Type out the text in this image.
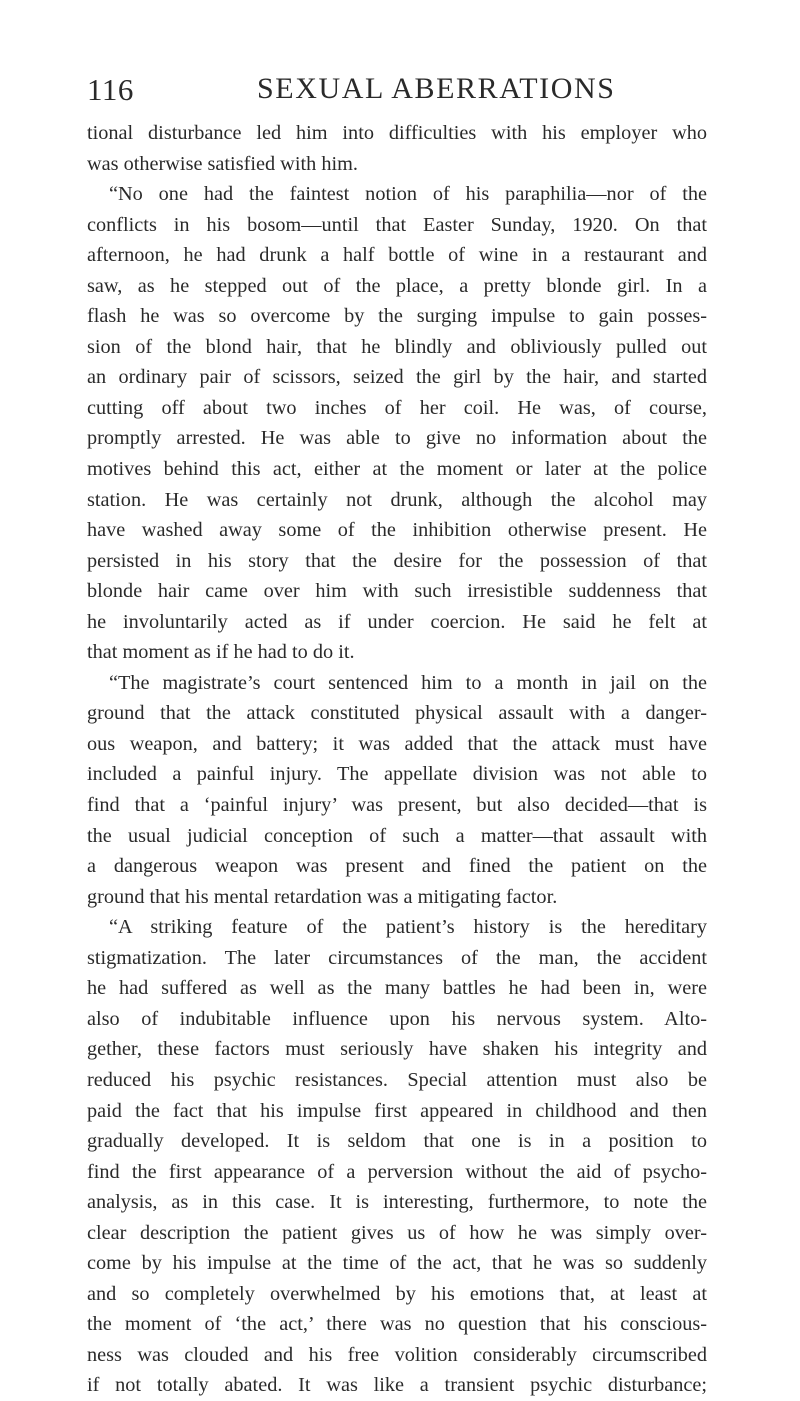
116	SEXUAL ABERRATIONS
tional disturbance led him into difficulties with his employer who
was otherwise satisfied with him.
“No one had the faintest notion of his paraphilia—nor of the
conflicts in his bosom—until that Easter Sunday, 1920. On that
afternoon, he had drunk a half bottle of wine in a restaurant and
saw, as he stepped out of the place, a pretty blonde girl. In a
flash he was so overcome by the surging impulse to gain posses-
sion of the blond hair, that he blindly and obliviously pulled out
an ordinary pair of scissors, seized the girl by the hair, and started
cutting off about two inches of her coil. He was, of course,
promptly arrested. He was able to give no information about the
motives behind this act, either at the moment or later at the police
station. He was certainly not drunk, although the alcohol may
have washed away some of the inhibition otherwise present. He
persisted in his story that the desire for the possession of that
blonde hair came over him with such irresistible suddenness that
he involuntarily acted as if under coercion. He said he felt at
that moment as if he had to do it.
“The magistrate’s court sentenced him to a month in jail on the
ground that the attack constituted physical assault with a danger-
ous weapon, and battery; it was added that the attack must have
included a painful injury. The appellate division was not able to
find that a ‘painful injury’ was present, but also decided—that is
the usual judicial conception of such a matter—that assault with
a dangerous weapon was present and fined the patient on the
ground that his mental retardation was a mitigating factor.
“A striking feature of the patient’s history is the hereditary
stigmatization. The later circumstances of the man, the accident
he had suffered as well as the many battles he had been in, were
also of indubitable influence upon his nervous system. Alto-
gether, these factors must seriously have shaken his integrity and
reduced his psychic resistances. Special attention must also be
paid the fact that his impulse first appeared in childhood and then
gradually developed. It is seldom that one is in a position to
find the first appearance of a perversion without the aid of psycho-
analysis, as in this case. It is interesting, furthermore, to note the
clear description the patient gives us of how he was simply over-
come by his impulse at the time of the act, that he was so suddenly
and so completely overwhelmed by his emotions that, at least at
the moment of ‘the act,’ there was no question that his conscious-
ness was clouded and his free volition considerably circumscribed
if not totally abated. It was like a transient psychic disturbance;
